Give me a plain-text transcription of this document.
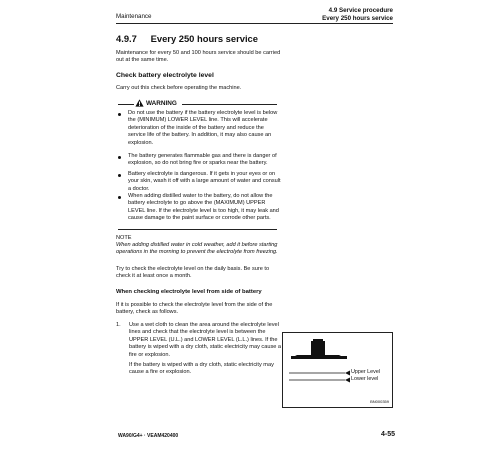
Maintenance
4.9 Service procedure
Every 250 hours service
4.9.7 Every 250 hours service
Maintenance for every 50 and 100 hours service should be carried out at the same time.
Check battery electrolyte level
Carry out this check before operating the machine.
WARNING
Do not use the battery if the battery electrolyte level is below the (MINIMUM) LOWER LEVEL line. This will accelerate deterioration of the inside of the battery and reduce the service life of the battery. In addition, it may also cause an explosion.
The battery generates flammable gas and there is danger of explosion, so do not bring fire or sparks near the battery.
Battery electrolyte is dangerous. If it gets in your eyes or on your skin, wash it off with a large amount of water and consult a doctor.
When adding distilled water to the battery, do not allow the battery electrolyte to go above the (MAXIMUM) UPPER LEVEL line. If the electrolyte level is too high, it may leak and cause damage to the paint surface or corrode other parts.
NOTE
When adding distilled water in cold weather, add it before starting operations in the morning to prevent the electrolyte from freezing.
Try to check the electrolyte level on the daily basis. Be sure to check it at least once a month.
When checking electrolyte level from side of battery
If it is possible to check the electrolyte level from the side of the battery, check as follows.
1. Use a wet cloth to clean the area around the electrolyte level lines and check that the electrolyte level is between the UPPER LEVEL (U.L.) and LOWER LEVEL (L.L.) lines. If the battery is wiped with a dry cloth, static electricity may cause a fire or explosion.
If the battery is wiped with a dry cloth, static electricity may cause a fire or explosion.	Upper Level
Lower level
BN000359
WA90/G4+ · VEAM420400	4-55
